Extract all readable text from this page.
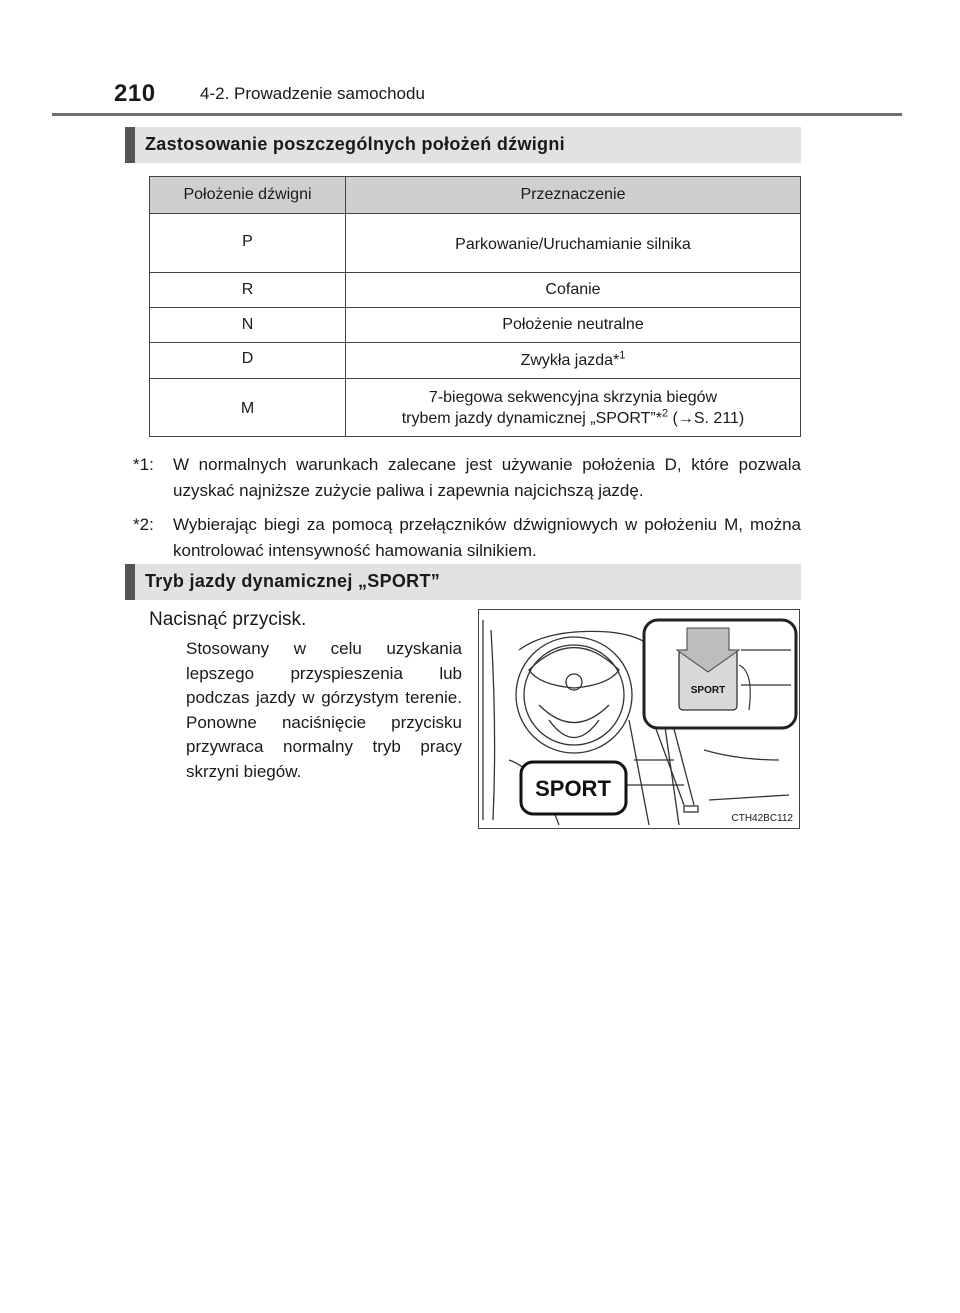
210	4-2. Prowadzenie samochodu
Zastosowanie poszczególnych położeń dźwigni
Położenie dźwigni	Przeznaczenie
P	Parkowanie/Uruchamianie silnika
R	Cofanie
N	Położenie neutralne
D	Zwykła jazda*$^1$
M	7-biegowa sekwencyjna skrzynia biegów
trybem jazdy dynamicznej „SPORT”*$^2$ (→S. 211)
*1: W normalnych warunkach zalecane jest używanie położenia D, które pozwala uzyskać najniższe zużycie paliwa i zapewnia najcichszą jazdę.
*2: Wybierając biegi za pomocą przełączników dźwigniowych w położeniu M, można kontrolować intensywność hamowania silnikiem.
Tryb jazdy dynamicznej „SPORT”
Nacisnąć przycisk.
Stosowany w celu uzyskania lepszego przyspieszenia lub podczas jazdy w górzystym terenie. Ponowne naciśnięcie przycisku przywraca normalny tryb pracy skrzyni biegów.
SPORT
SPORT
CTH42BC112
